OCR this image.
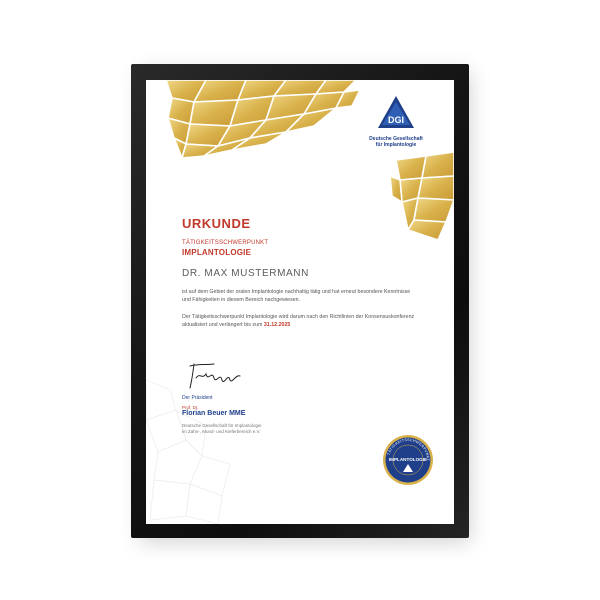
DGI
Deutsche Gesellschaft
für Implantologie
URKUNDE
TÄTIGKEITSSCHWERPUNKT
IMPLANTOLOGIE
DR. MAX MUSTERMANN
ist auf dem Gebiet der oralen Implantologie nachhaltig tätig und hat erneut besondere Kenntnisse und Fähigkeiten in diesem Bereich nachgewiesen.
Der Tätigkeitsschwerpunkt Implantologie wird darum nach den Richtlinien der Konsensuskonferenz aktualisiert und verlängert bis zum 31.12.2025
Der Präsident
Prof. Dr.
Florian Beuer MME
Deutsche Gesellschaft für Implantologie
im Zahn-, Mund- und Kieferbereich e.V.
TÄTIGKEITSSCHWERPUNKT
IMPLANTOLOGIE
